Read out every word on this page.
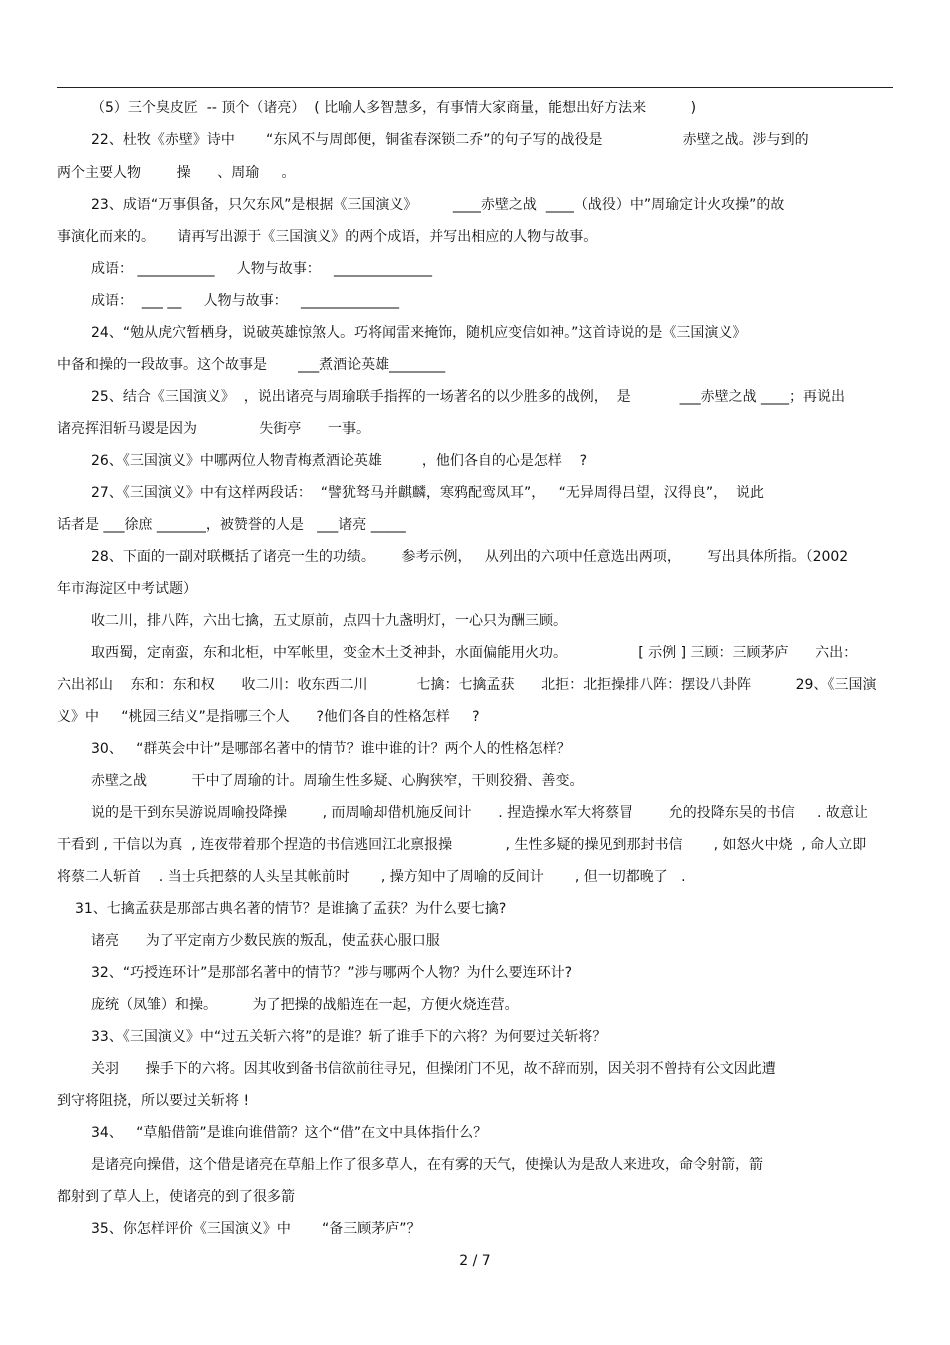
（5）三个臭皮匠  -- 顶个（诸亮）  ( 比喻人多智慧多，有事情大家商量，能想出好方法来          )
22、杜牧《赤壁》诗中       “东风不与周郎便，铜雀春深锁二乔”的句子写的战役是                  赤壁之战。涉与到的
两个主要人物        操      、周瑜     。
23、成语“万事俱备，只欠东风”是根据《三国演义》        ____赤壁之战  ____（战役）中”周瑜定计火攻操”的故
事演化而来的。     请再写出源于《三国演义》的两个成语，并写出相应的人物与故事。
成语： ___________     人物与故事：   ______________
成语：  ___ __     人物与故事：   ______________
24、“勉从虎穴暂栖身，说破英雄惊煞人。巧将闻雷来掩饰，随机应变信如神。”这首诗说的是《三国演义》
中备和操的一段故事。这个故事是       ___煮酒论英雄________
25、结合《三国演义》  ，说出诸亮与周瑜联手指挥的一场著名的以少胜多的战例，  是           ___赤壁之战 ____；再说出
诸亮挥泪斩马谡是因为              失街亭      一事。
26、《三国演义》中哪两位人物青梅煮酒论英雄         ，他们各自的心是怎样    ?
27、《三国演义》中有这样两段话：  “譬犹驽马并麒麟，寒鸦配鸾凤耳”，   “无异周得吕望，汉得良”，  说此
话者是 ___徐庶 _______，被赞誉的人是   ___诸亮 _____
28、下面的一副对联概括了诸亮一生的功绩。      参考示例，   从列出的六项中任意选出两项，      写出具体所指。（2002
年市海淀区中考试题）
收二川，排八阵，六出七擒，五丈原前，点四十九盏明灯，一心只为酬三顾。
取西蜀，定南蛮，东和北柜，中军帐里，变金木土爻神卦，水面偏能用火功。                [ 示例 ] 三顾：三顾茅庐      六出：
六出祁山    东和：东和权      收二川：收东西二川           七擒：七擒孟获      北拒：北拒操排八阵：摆设八卦阵          29、《三国演
义》中     “桃园三结义”是指哪三个人      ?他们各自的性格怎样     ?
30、   “群英会中计”是哪部名著中的情节？谁中谁的计？两个人的性格怎样？
赤壁之战          干中了周瑜的计。周瑜生性多疑、心胸狭窄，干则狡猾、善变。
说的是干到东吴游说周喻投降操        , 而周喻却借机施反间计      . 捏造操水军大将蔡冒        允的投降东吴的书信     . 故意让
干看到 , 干信以为真  , 连夜带着那个捏造的书信逃回江北禀报操            , 生性多疑的操见到那封书信       , 如怒火中烧  , 命人立即
将蔡二人斩首    . 当士兵把蔡的人头呈其帐前时       , 操方知中了周喻的反间计       , 但一切都晚了   .
31、七擒孟获是那部古典名著的情节？是谁擒了孟获？为什么要七擒?
诸亮      为了平定南方少数民族的叛乱，使孟获心服口服
32、“巧授连环计”是那部名著中的情节？”涉与哪两个人物？为什么要连环计?
庞统（凤雏）和操。        为了把操的战船连在一起，方便火烧连营。
33、《三国演义》中“过五关斩六将”的是谁？斩了谁手下的六将？为何要过关斩将？
关羽      操手下的六将。因其收到备书信欲前往寻兄，但操闭门不见，故不辞而别，因关羽不曾持有公文因此遭
到守将阻挠，所以要过关斩将 !
34、   “草船借箭”是谁向谁借箭？这个“借”在文中具体指什么？
是诸亮向操借，这个借是诸亮在草船上作了很多草人，在有雾的天气，使操认为是敌人来进攻，命令射箭，箭
都射到了草人上，使诸亮的到了很多箭
35、你怎样评价《三国演义》中       “备三顾茅庐”？
2 / 7
